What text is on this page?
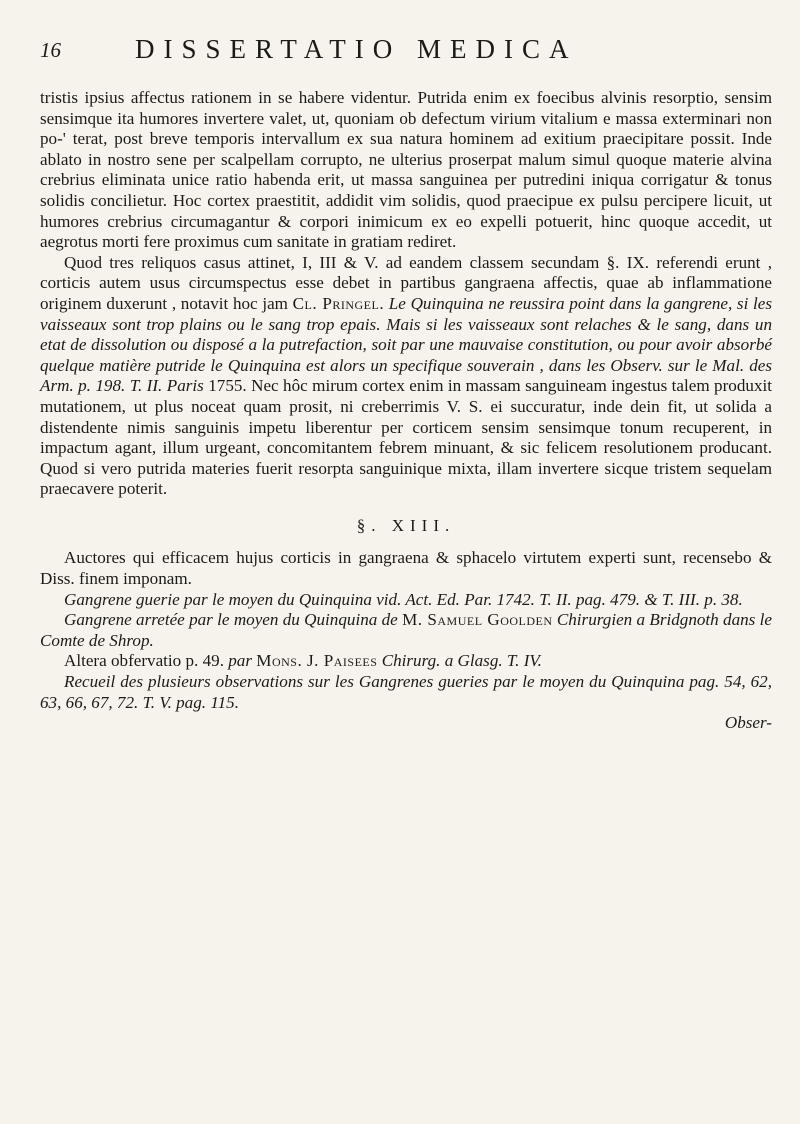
16	DISSERTATIO MEDICA

tristis ipsius affectus rationem in se habere videntur. Putrida enim ex foecibus alvinis resorptio, sensim sensimque ita humores invertere valet, ut, quoniam ob defectum virium vitalium e massa exterminari non po-' terat, post breve temporis intervallum ex sua natura hominem ad exitium praecipitare possit. Inde ablato in nostro sene per scalpellam corrupto, ne ulterius proserpat malum simul quoque materie alvina crebrius eliminata unice ratio habenda erit, ut massa sanguinea per putredini iniqua corrigatur & tonus solidis concilietur. Hoc cortex praestitit, addidit vim solidis, quod praecipue ex pulsu percipere licuit, ut humores crebrius circumagantur & corpori inimicum ex eo expelli potuerit, hinc quoque accedit, ut aegrotus morti fere proximus cum sanitate in gratiam rediret.

Quod tres reliquos casus attinet, I, III & V. ad eandem classem secundam §. IX. referendi erunt , corticis autem usus circumspectus esse debet in partibus gangraena affectis, quae ab inflammatione originem duxerunt , notavit hoc jam Cl. Pringel. Le Quinquina ne reussira point dans la gangrene, si les vaisseaux sont trop plains ou le sang trop epais. Mais si les vaisseaux sont relaches & le sang, dans un etat de dissolution ou disposé a la putrefaction, soit par une mauvaise constitution, ou pour avoir absorbé quelque matière putride le Quinquina est alors un specifique souverain , dans les Observ. sur le Mal. des Arm. p. 198. T. II. Paris 1755. Nec hôc mirum cortex enim in massam sanguineam ingestus talem produxit mutationem, ut plus noceat quam prosit, ni creberrimis V. S. ei succuratur, inde dein fit, ut solida a distendente nimis sanguinis impetu liberentur per corticem sensim sensimque tonum recuperent, in impactum agant, illum urgeant, concomitantem febrem minuant, & sic felicem resolutionem producant. Quod si vero putrida materies fuerit resorpta sanguinique mixta, illam invertere sicque tristem sequelam praecavere poterit.

§. XIII.

Auctores qui efficacem hujus corticis in gangraena & sphacelo virtutem experti sunt, recensebo & Diss. finem imponam.

Gangrene guerie par le moyen du Quinquina vid. Act. Ed. Par. 1742. T. II. pag. 479. & T. III. p. 38.

Gangrene arretée par le moyen du Quinquina de M. Samuel Goolden Chirurgien a Bridgnoth dans le Comte de Shrop.

Altera obfervatio p. 49. par Mons. J. Paisees Chirurg. a Glasg. T. IV.

Recueil des plusieurs observations sur les Gangrenes gueries par le moyen du Quinquina pag. 54, 62, 63, 66, 67, 72. T. V. pag. 115.

Obser-
